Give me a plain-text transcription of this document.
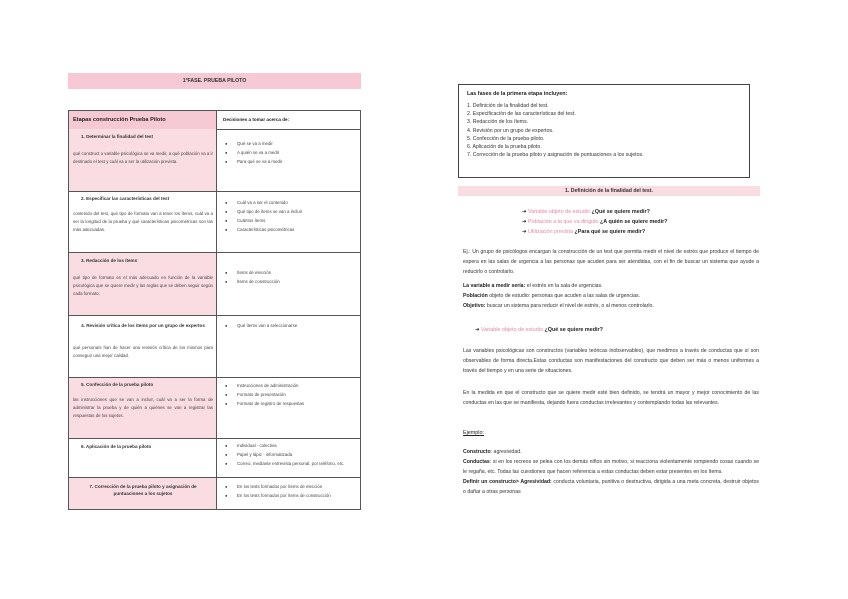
1ªFASE. PRUEBA PILOTO
Etapas construcción Prueba Piloto	Decisiones a tomar acerca de:
1. Determinar la finalidad del test
qué construct o variable psicológica se va medir, a qué población va a ir destinado el test y cuál va a ser la utilización prevista.
● Qué se va a medir
● A quién se va a medir
● Para qué se va a medir
2. Especificar las características del test
contenido del test, qué tipo de formato van a tener los ítems, cuál va a ser la longitud de la prueba y qué características psicométricas son las más adecuadas.
● Cuál va a ser el contenido
● Qué tipo de ítems se van a incluir
● Cuántos ítems
● Características psicométricas
3. Redacción de los ítems
qué tipo de formato es el más adecuado en función de la variable psicológica que se quiere medir y las reglas que se deben seguir según cada formato.
● Ítems de elección
● Ítems de construcción
4. Revisión crítica de los ítems por un grupo de expertos
qué persona/s han de hacer una revisión crítica de los mismos para conseguir una mejor calidad.
● Qué ítems van a seleccionarse
5. Confección de la prueba piloto
las instrucciones que se van a incluir, cuál va a ser la forma de administrar la prueba y de quién a quiénes se van a registrar las respuestas de los sujetos.
● Instrucciones de administración
● Formato de presentación
● Formato de registro de respuestas
6. Aplicación de la prueba piloto
●	Individual - colectiva
● Papel y lápiz - informatizada
● Correo, mediante entrevista personal, por teléfono, etc.
7. Corrección de la prueba piloto y asignación de puntuaciones a los sujetos
● En los tests formados por ítems de elección
● En los tests formados por ítems de construcción
Las fases de la primera etapa incluyen:
1. Definición de la finalidad del test.
2. Especificación de las características del test.
3. Redacción de los ítems.
4. Revisión por un grupo de expertos.
5. Confección de la prueba piloto.
6. Aplicación de la prueba piloto.
7. Corrección de la prueba piloto y asignación de puntuaciones a los sujetos.
1. Definición de la finalidad del test.
➔ Variable objeto de estudio ¿Qué se quiere medir?
➔ Población a la que va dirigido ¿A quién se quiere medir?
➔ Utilización prevista ¿Para qué se quiere medir?
Ej.: Un grupo de psicólogos encargan la construcción de un test que permita medir el nivel de estrés que produce el tiempo de espera en las salas de urgencia a las personas que acuden para ser atendidas, con el fin de buscar un sistema que ayude a reducirlo o controlarlo.
La variable a medir sería: el estrés en la sala de urgencias.
Población objeto de estudio: personas que acuden a las salas de urgencias.
Objetivo: buscar un sistema para reducir el nivel de estrés, o al menos controlarlo.
➔ Variable objeto de estudio ¿Qué se quiere medir?
Las variables psicológicas son constructos (variables teóricas inobservables), que medimos a través de conductas que sí son observables de forma directa.Estas conductas son manifestaciones del constructo que deben ser más o menos uniformes a través del tiempo y en una serie de situaciones.
En la medida en que el constructo que se quiere medir esté bien definido, se tendrá un mayor y mejor conocimiento de las conductas en las que se manifiesta, dejando fuera conductas irrelevantes y contemplando todas las relevantes.
Ejemplo:
Constructo: agresividad.
Conductas: si en los recreos se pelea con los demás niños sin motivo, si reacciona violentamente rompiendo cosas cuando se le regaña, etc. Todas las cuestiones que hacen referencia a estas conductas deben estar presentes en los ítems.
Definir un constructo> Agresividad: conducta voluntaria, punitiva o destructiva, dirigida a una meta concreta, destruir objetos o dañar a otras personas
